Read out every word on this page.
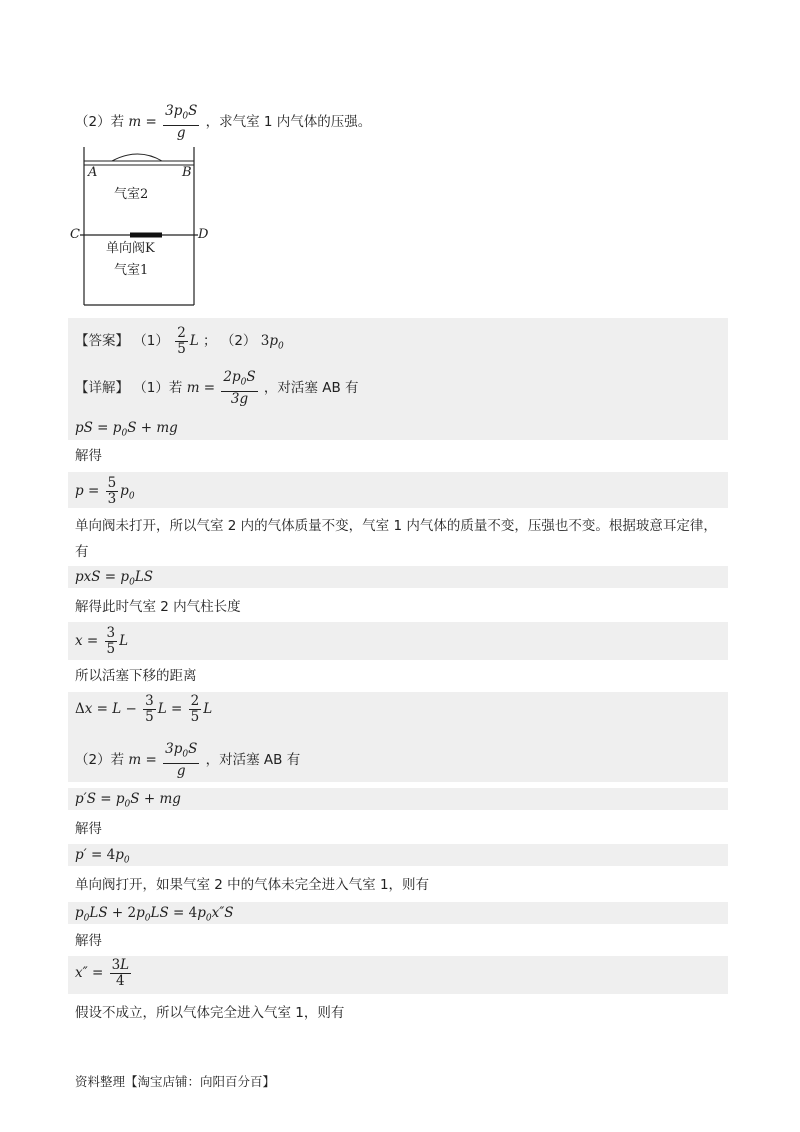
（2）若 $m = \frac{3p_0S}{g}$ ，求气室 1 内气体的压强。
A	B
气室2
C	D
单向阀K
气室1
【答案】 $(1) \frac{2}{5}$ L ； （2） $3p_0$
【详解】 （1）若 $m = \frac{2p_0S}{3g}$ ，对活塞 AB 有
pS = $p_0S$ + mg
解得
$p = \frac{5}{3} p_0$
单向阀未打开，所以气室 2 内的气体质量不变，气室 1 内气体的质量不变，压强也不变。根据玻意耳定律，
有
pxS = $p_0LS$
解得此时气室 2 内气柱长度
$x = \frac{3}{5}$ L
所以活塞下移的距离
$\Delta x = L - \frac{3}{5}$ $L = \frac{2}{5}$ L
（2）若 $m = \frac{3p_0S}{g}$ ，对活塞 AB 有
$p'S = p_0S$ + mg
解得
$p' = 4p_0$
单向阀打开，如果气室 2 中的气体未完全进入气室 1，则有
$p_0LS + 2p_0LS = 4p_0x''S$
解得
$x'' = \frac{3L}{4}$
假设不成立，所以气体完全进入气室 1，则有
资料整理【淘宝店铺：向阳百分百】
